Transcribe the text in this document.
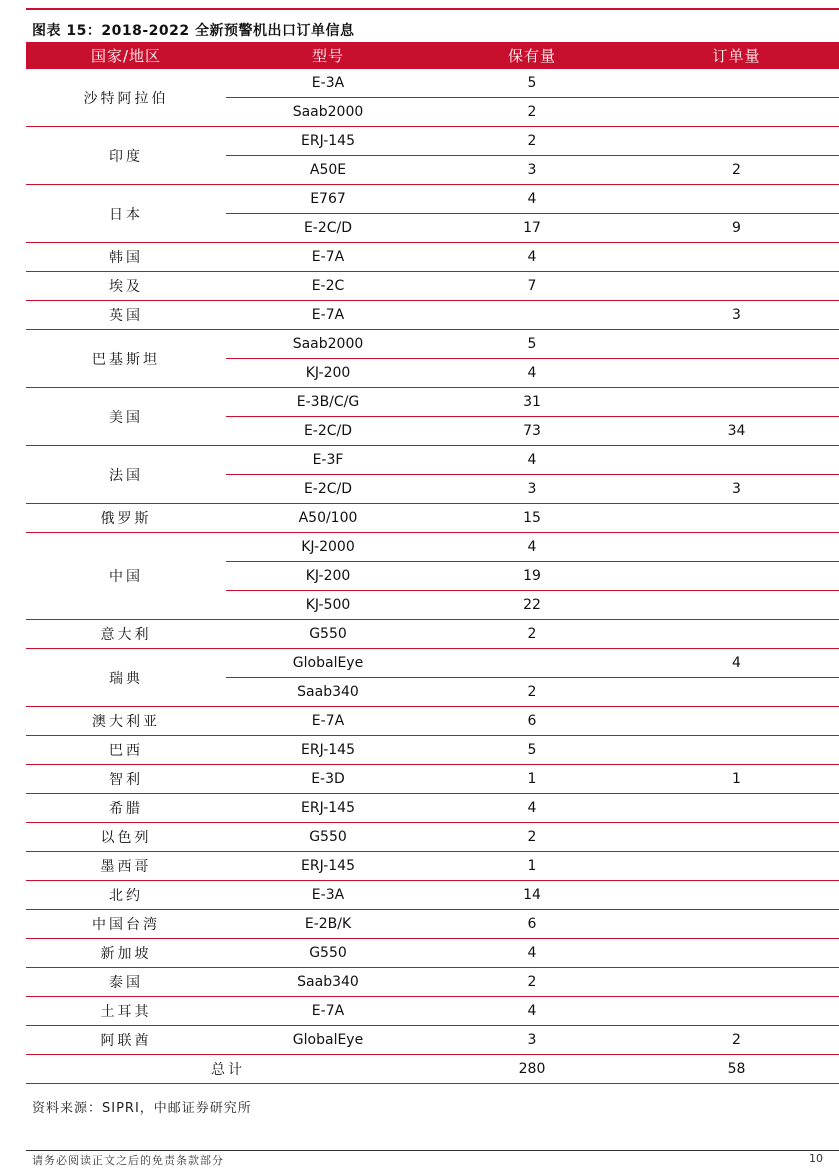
图表 15：2018-2022 全新预警机出口订单信息
国家/地区	型号	保有量	订单量
沙特阿拉伯	E-3A	5	
	Saab2000	2	
印度	ERJ-145	2	
	A50E	3	2
日本	E767	4	
	E-2C/D	17	9
韩国	E-7A	4	
埃及	E-2C	7	
英国	E-7A		3
巴基斯坦	Saab2000	5	
	KJ-200	4	
美国	E-3B/C/G	31	
	E-2C/D	73	34
法国	E-3F	4	
	E-2C/D	3	3
俄罗斯	A50/100	15	
中国	KJ-2000	4	
	KJ-200	19	
	KJ-500	22	
意大利	G550	2	
瑞典	GlobalEye		4
	Saab340	2	
澳大利亚	E-7A	6	
巴西	ERJ-145	5	
智利	E-3D	1	1
希腊	ERJ-145	4	
以色列	G550	2	
墨西哥	ERJ-145	1	
北约	E-3A	14	
中国台湾	E-2B/K	6	
新加坡	G550	4	
泰国	Saab340	2	
土耳其	E-7A	4	
阿联酋	GlobalEye	3	2
总计		280	58
资料来源：SIPRI，中邮证券研究所
请务必阅读正文之后的免责条款部分	10
